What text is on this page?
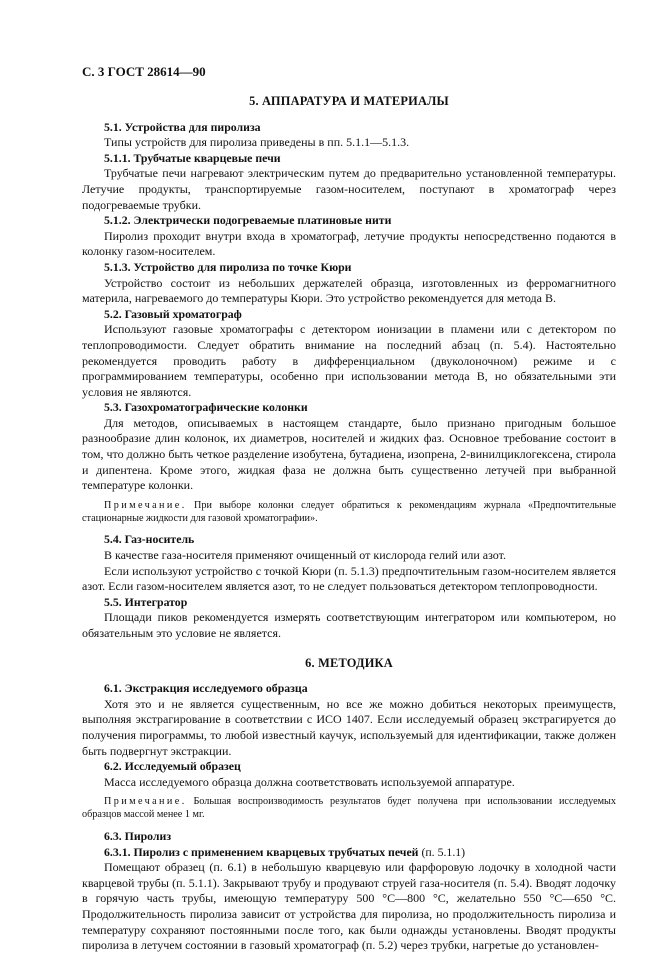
С. 3 ГОСТ 28614—90
5. АППАРАТУРА И МАТЕРИАЛЫ
5.1. Устройства для пиролиза
Типы устройств для пиролиза приведены в пп. 5.1.1—5.1.3.
5.1.1. Трубчатые кварцевые печи
Трубчатые печи нагревают электрическим путем до предварительно установленной температуры. Летучие продукты, транспортируемые газом-носителем, поступают в хроматограф через подогреваемые трубки.
5.1.2. Электрически подогреваемые платиновые нити
Пиролиз проходит внутри входа в хроматограф, летучие продукты непосредственно подаются в колонку газом-носителем.
5.1.3. Устройство для пиролиза по точке Кюри
Устройство состоит из небольших держателей образца, изготовленных из ферромагнитного материла, нагреваемого до температуры Кюри. Это устройство рекомендуется для метода В.
5.2. Газовый хроматограф
Используют газовые хроматографы с детектором ионизации в пламени или с детектором по теплопроводимости. Следует обратить внимание на последний абзац (п. 5.4). Настоятельно рекомендуется проводить работу в дифференциальном (двуколоночном) режиме и с программированием температуры, особенно при использовании метода В, но обязательными эти условия не являются.
5.3. Газохроматографические колонки
Для методов, описываемых в настоящем стандарте, было признано пригодным большое разнообразие длин колонок, их диаметров, носителей и жидких фаз. Основное требование состоит в том, что должно быть четкое разделение изобутена, бутадиена, изопрена, 2-винилциклогексена, стирола и дипентена. Кроме этого, жидкая фаза не должна быть существенно летучей при выбранной температуре колонки.
Примечание. При выборе колонки следует обратиться к рекомендациям журнала «Предпочтительные стационарные жидкости для газовой хроматографии».
5.4. Газ-носитель
В качестве газа-носителя применяют очищенный от кислорода гелий или азот.
Если используют устройство с точкой Кюри (п. 5.1.3) предпочтительным газом-носителем является азот. Если газом-носителем является азот, то не следует пользоваться детектором теплопроводности.
5.5. Интегратор
Площади пиков рекомендуется измерять соответствующим интегратором или компьютером, но обязательным это условие не является.
6. МЕТОДИКА
6.1. Экстракция исследуемого образца
Хотя это и не является существенным, но все же можно добиться некоторых преимуществ, выполняя экстрагирование в соответствии с ИСО 1407. Если исследуемый образец экстрагируется до получения пирограммы, то любой известный каучук, используемый для идентификации, также должен быть подвергнут экстракции.
6.2. Исследуемый образец
Масса исследуемого образца должна соответствовать используемой аппаратуре.
Примечание. Большая воспроизводимость результатов будет получена при использовании исследуемых образцов массой менее 1 мг.
6.3. Пиролиз
6.3.1. Пиролиз с применением кварцевых трубчатых печей (п. 5.1.1)
Помещают образец (п. 6.1) в небольшую кварцевую или фарфоровую лодочку в холодной части кварцевой трубы (п. 5.1.1). Закрывают трубу и продувают струей газа-носителя (п. 5.4). Вводят лодочку в горячую часть трубы, имеющую температуру 500 °С—800 °С, желательно 550 °С—650 °С. Продолжительность пиролиза зависит от устройства для пиролиза, но продолжительность пиролиза и температуру сохраняют постоянными после того, как были однажды установлены. Вводят продукты пиролиза в летучем состоянии в газовый хроматограф (п. 5.2) через трубки, нагретые до установлен-
